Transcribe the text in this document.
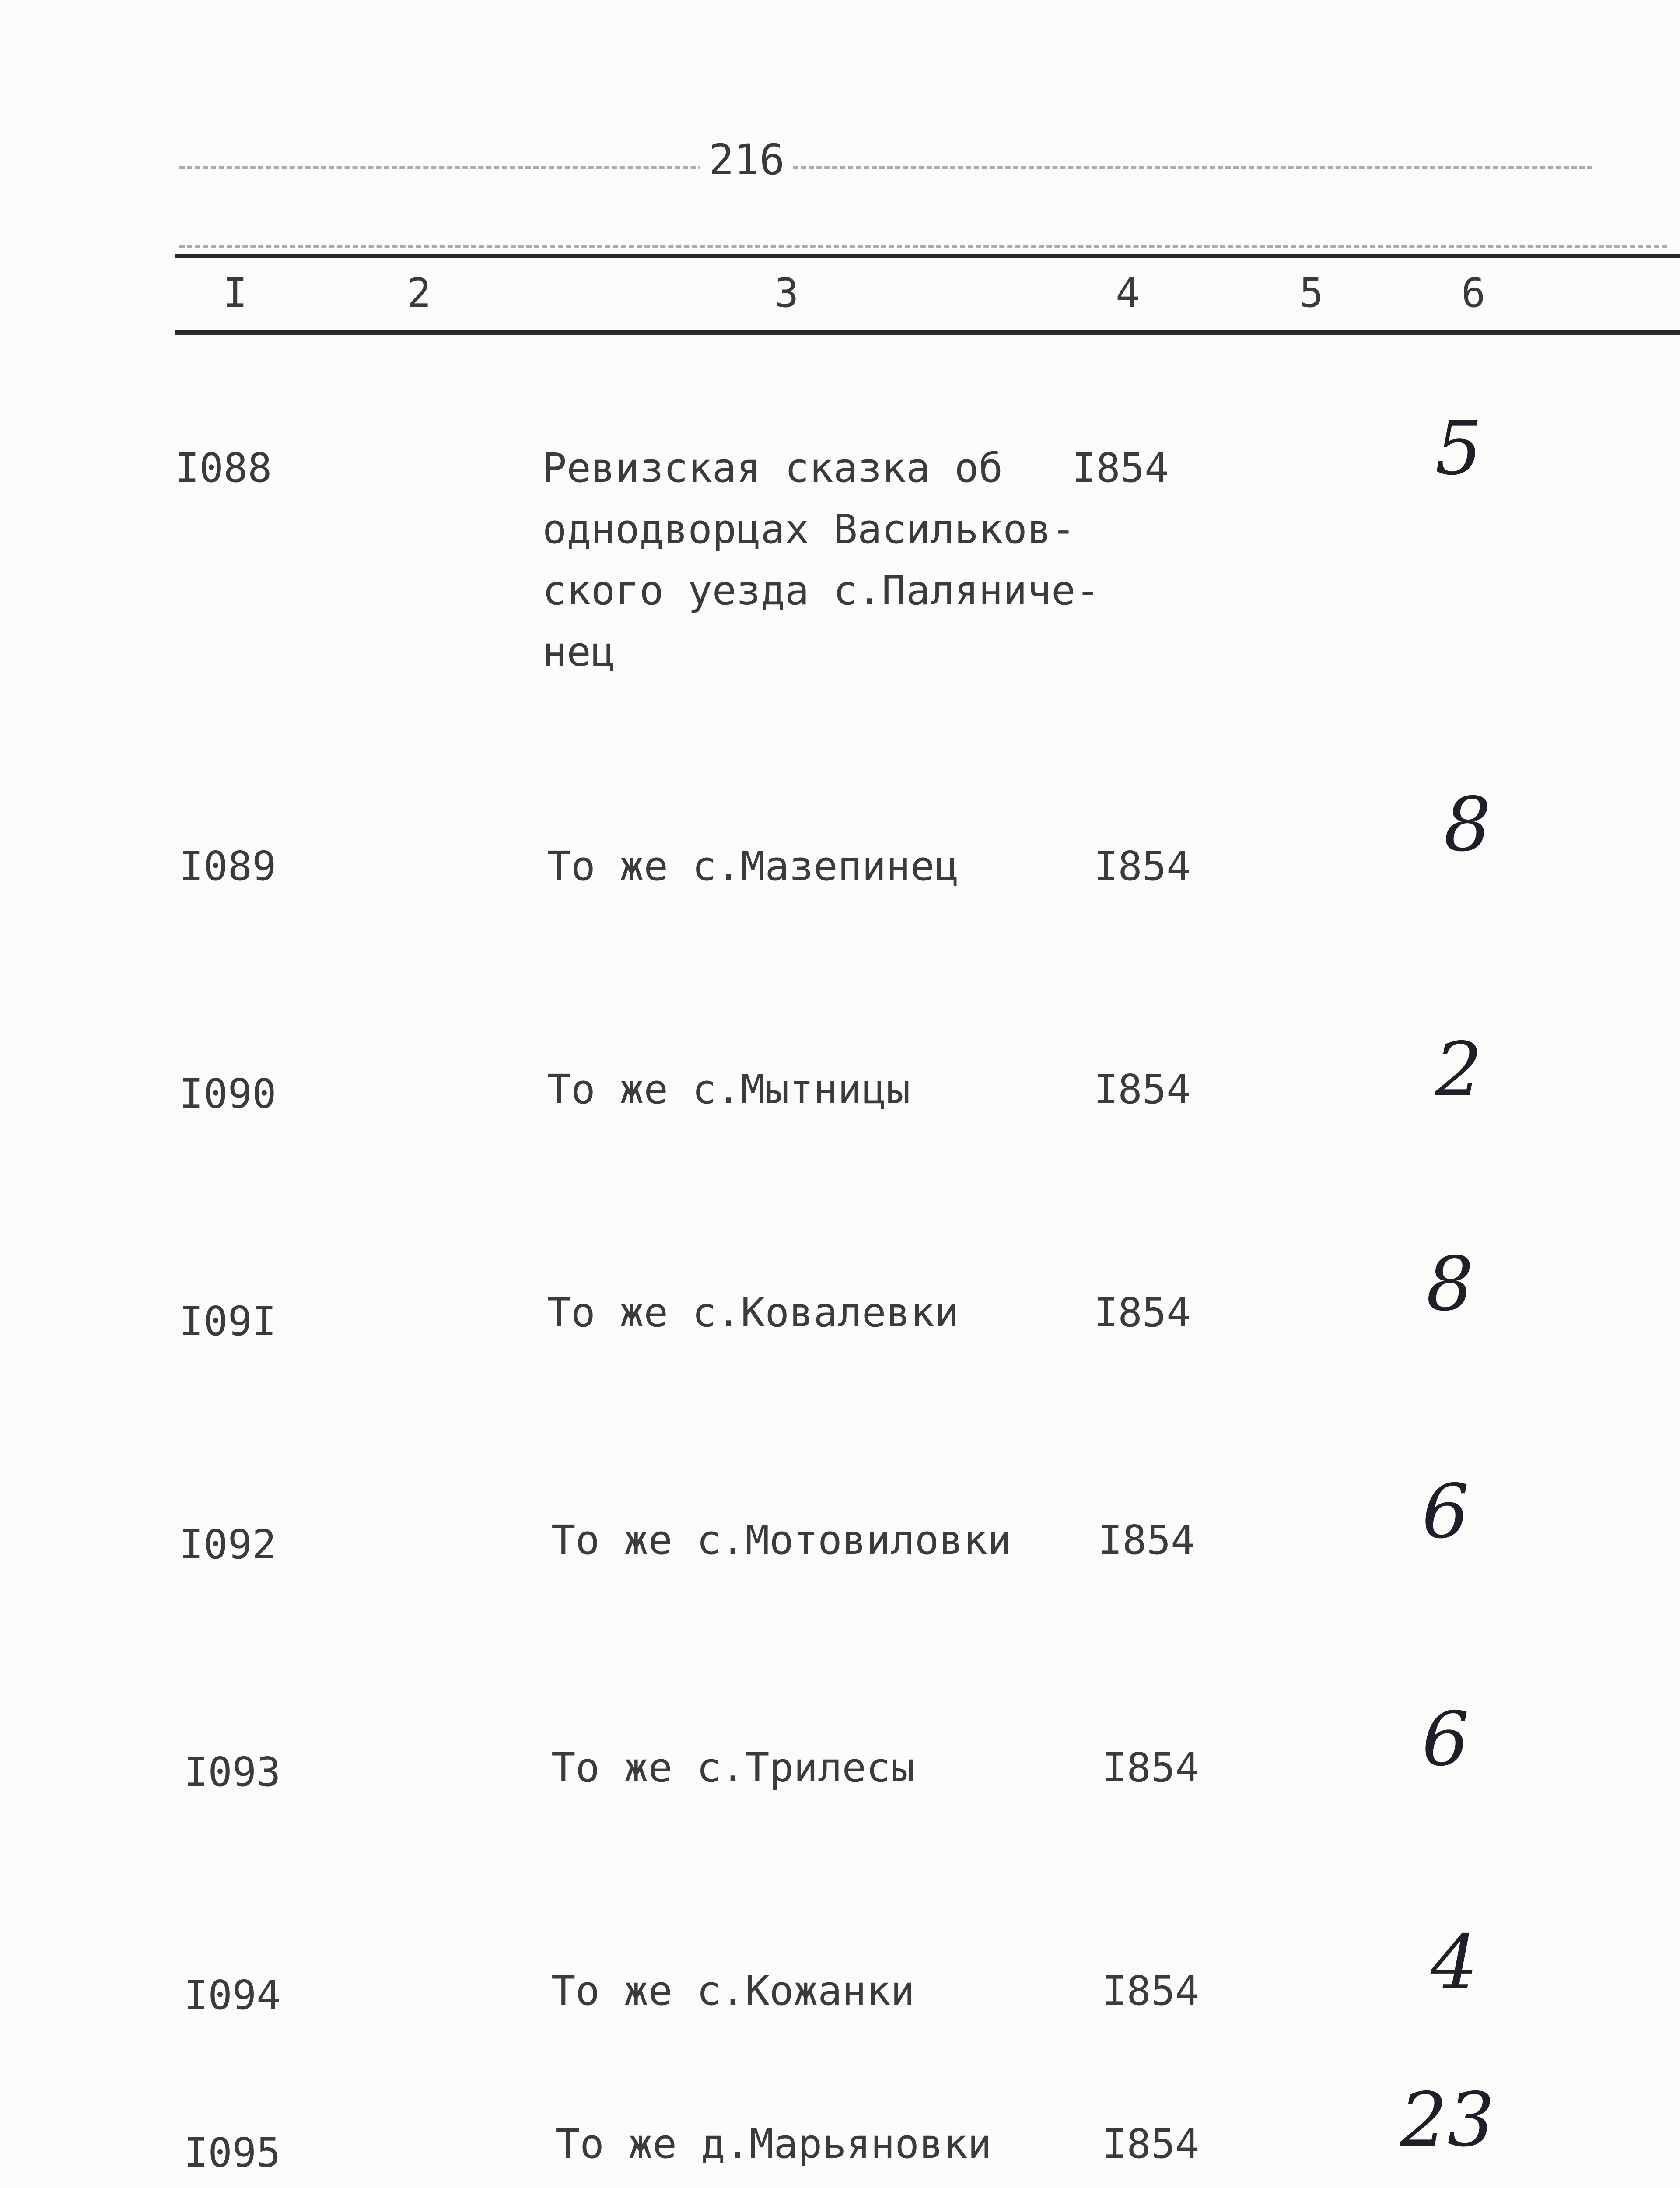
216
I	2	3	4	5	6
I088	Ревизская сказка об
однодворцах Васильков-
ского уезда с.Паляниче-
нец
I854	5
I089	То же с.Мазепинец	I854	8
I090	То же с.Мытницы	I854	2
I09I	То же с.Ковалевки	I854	8
I092	То же с.Мотовиловки I854	6
I093	То же с.Трилесы	I854	6
I094	То же с.Кожанки	I854	4
I095	То же д.Марьяновки	I854	23
